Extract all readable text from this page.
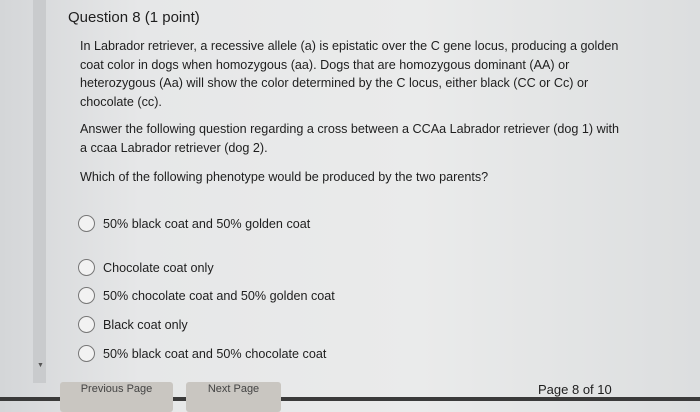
▼
Question 8 (1 point)
In Labrador retriever, a recessive allele (a) is epistatic over the C gene locus, producing a golden coat color in dogs when homozygous (aa). Dogs that are homozygous dominant (AA) or heterozygous (Aa) will show the color determined by the C locus, either black (CC or Cc) or chocolate (cc).
Answer the following question regarding a cross between a CCAa Labrador retriever (dog 1) with a ccaa Labrador retriever (dog 2).
Which of the following phenotype would be produced by the two parents?
50% black coat and 50% golden coat
Chocolate coat only
50% chocolate coat and 50% golden coat
Black coat only
50% black coat and 50% chocolate coat
Previous Page	Next Page	Page 8 of 10
